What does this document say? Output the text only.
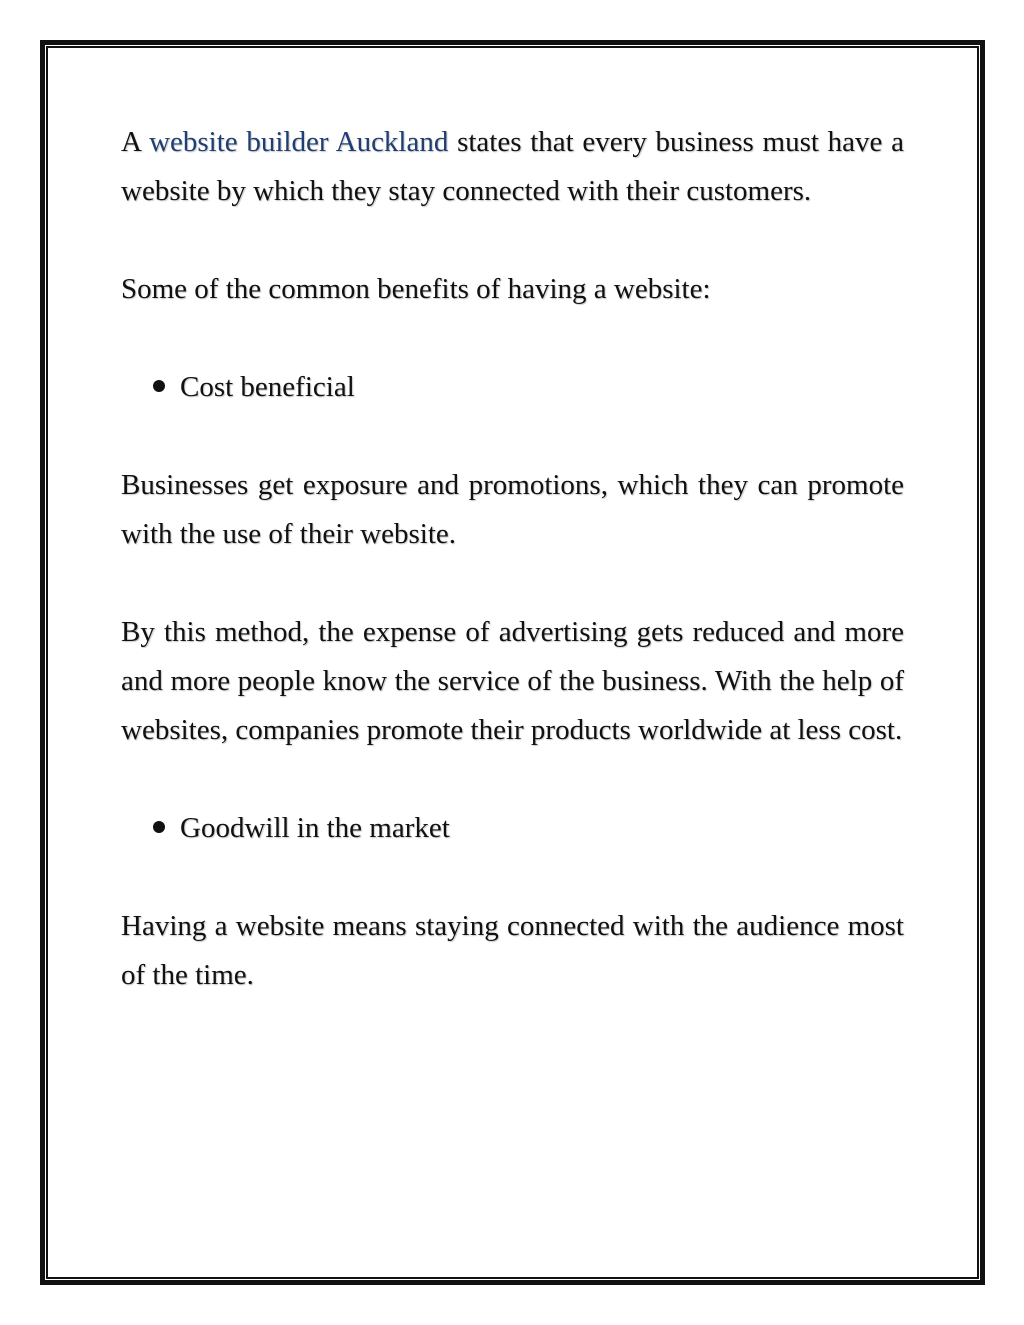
A website builder Auckland states that every business must have a website by which they stay connected with their customers.

Some of the common benefits of having a website:

Cost beneficial

Businesses get exposure and promotions, which they can promote with the use of their website.

By this method, the expense of advertising gets reduced and more and more people know the service of the business. With the help of websites, companies promote their products worldwide at less cost.

Goodwill in the market

Having a website means staying connected with the audience most of the time.
